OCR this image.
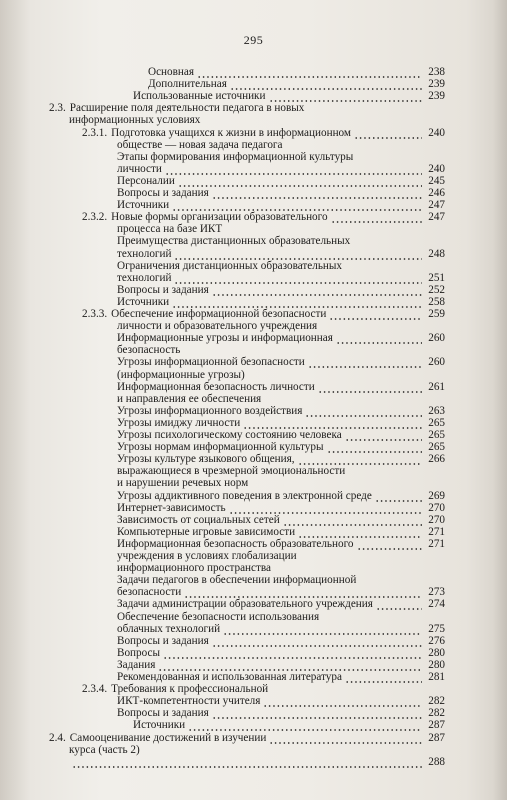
295
Основная	238
Дополнительная	239
Использованные источники	239
2.3. Расширение поля деятельности педагога в новых
информационных условиях
2.3.1. Подготовка учащихся к жизни в информационном	240
обществе — новая задача педагога
Этапы формирования информационной культуры
личности	240
Персоналии	245
Вопросы и задания	246
Источники	247
2.3.2. Новые формы организации образовательного	247
процесса на базе ИКТ
Преимущества дистанционных образовательных
технологий	248
Ограничения дистанционных образовательных
технологий	251
Вопросы и задания	252
Источники	258
2.3.3. Обеспечение информационной безопасности	259
личности и образовательного учреждения
Информационные угрозы и информационная	260
безопасность
Угрозы информационной безопасности	260
(информационные угрозы)
Информационная безопасность личности	261
и направления ее обеспечения
Угрозы информационного воздействия	263
Угрозы имиджу личности	265
Угрозы психологическому состоянию человека	265
Угрозы нормам информационной культуры	265
Угрозы культуре языкового общения,	266
выражающиеся в чрезмерной эмоциональности
и нарушении речевых норм
Угрозы аддиктивного поведения в электронной среде	269
Интернет-зависимость	270
Зависимость от социальных сетей	270
Компьютерные игровые зависимости	271
Информационная безопасность образовательного	271
учреждения в условиях глобализации
информационного пространства
Задачи педагогов в обеспечении информационной
безопасности	273
Задачи администрации образовательного учреждения	274
Обеспечение безопасности использования
облачных технологий	275
Вопросы и задания	276
Вопросы	280
Задания	280
Рекомендованная и использованная литература	281
2.3.4. Требования к профессиональной
ИКТ-компетентности учителя	282
Вопросы и задания	282
Источники	287
2.4. Самооценивание достижений в изучении	287
курса (часть 2)
288
